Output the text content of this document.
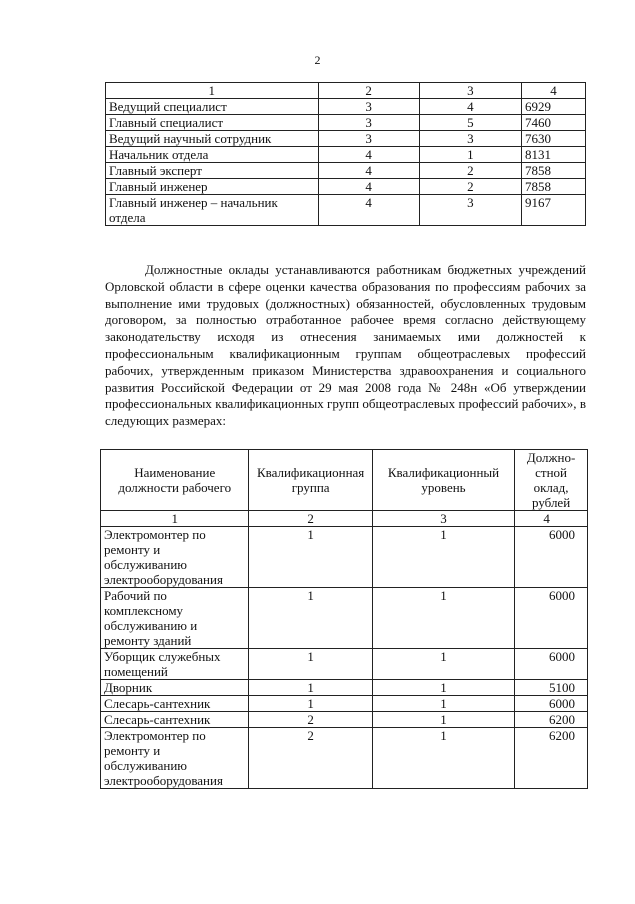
2
1	2	3	4
Ведущий специалист	3	4	6929
Главный специалист	3	5	7460
Ведущий научный сотрудник	3	3	7630
Начальник отдела	4	1	8131
Главный эксперт	4	2	7858
Главный инженер	4	2	7858
Главный инженер – начальник отдела	4	3	9167
Должностные оклады устанавливаются работникам бюджетных учреждений Орловской области в сфере оценки качества образования по профессиям рабочих за выполнение ими трудовых (должностных) обязанностей, обусловленных трудовым договором, за полностью отработанное рабочее время согласно действующему законодательству исходя из отнесения занимаемых ими должностей к профессиональным квалификационным группам общеотраслевых профессий рабочих, утвержденным приказом Министерства здравоохранения и социального развития Российской Федерации от 29 мая 2008 года № 248н «Об утверждении профессиональных квалификационных групп общеотраслевых профессий рабочих», в следующих размерах:
Наименование должности рабочего	Квалификационная группа	Квалификационный уровень	Должно-стной оклад, рублей
1	2	3	4
Электромонтер по ремонту и обслуживанию электрооборудования	1	1	6000
Рабочий по комплексному обслуживанию и ремонту зданий	1	1	6000
Уборщик служебных помещений	1	1	6000
Дворник	1	1	5100
Слесарь-сантехник	1	1	6000
Слесарь-сантехник	2	1	6200
Электромонтер по ремонту и обслуживанию электрооборудования	2	1	6200
